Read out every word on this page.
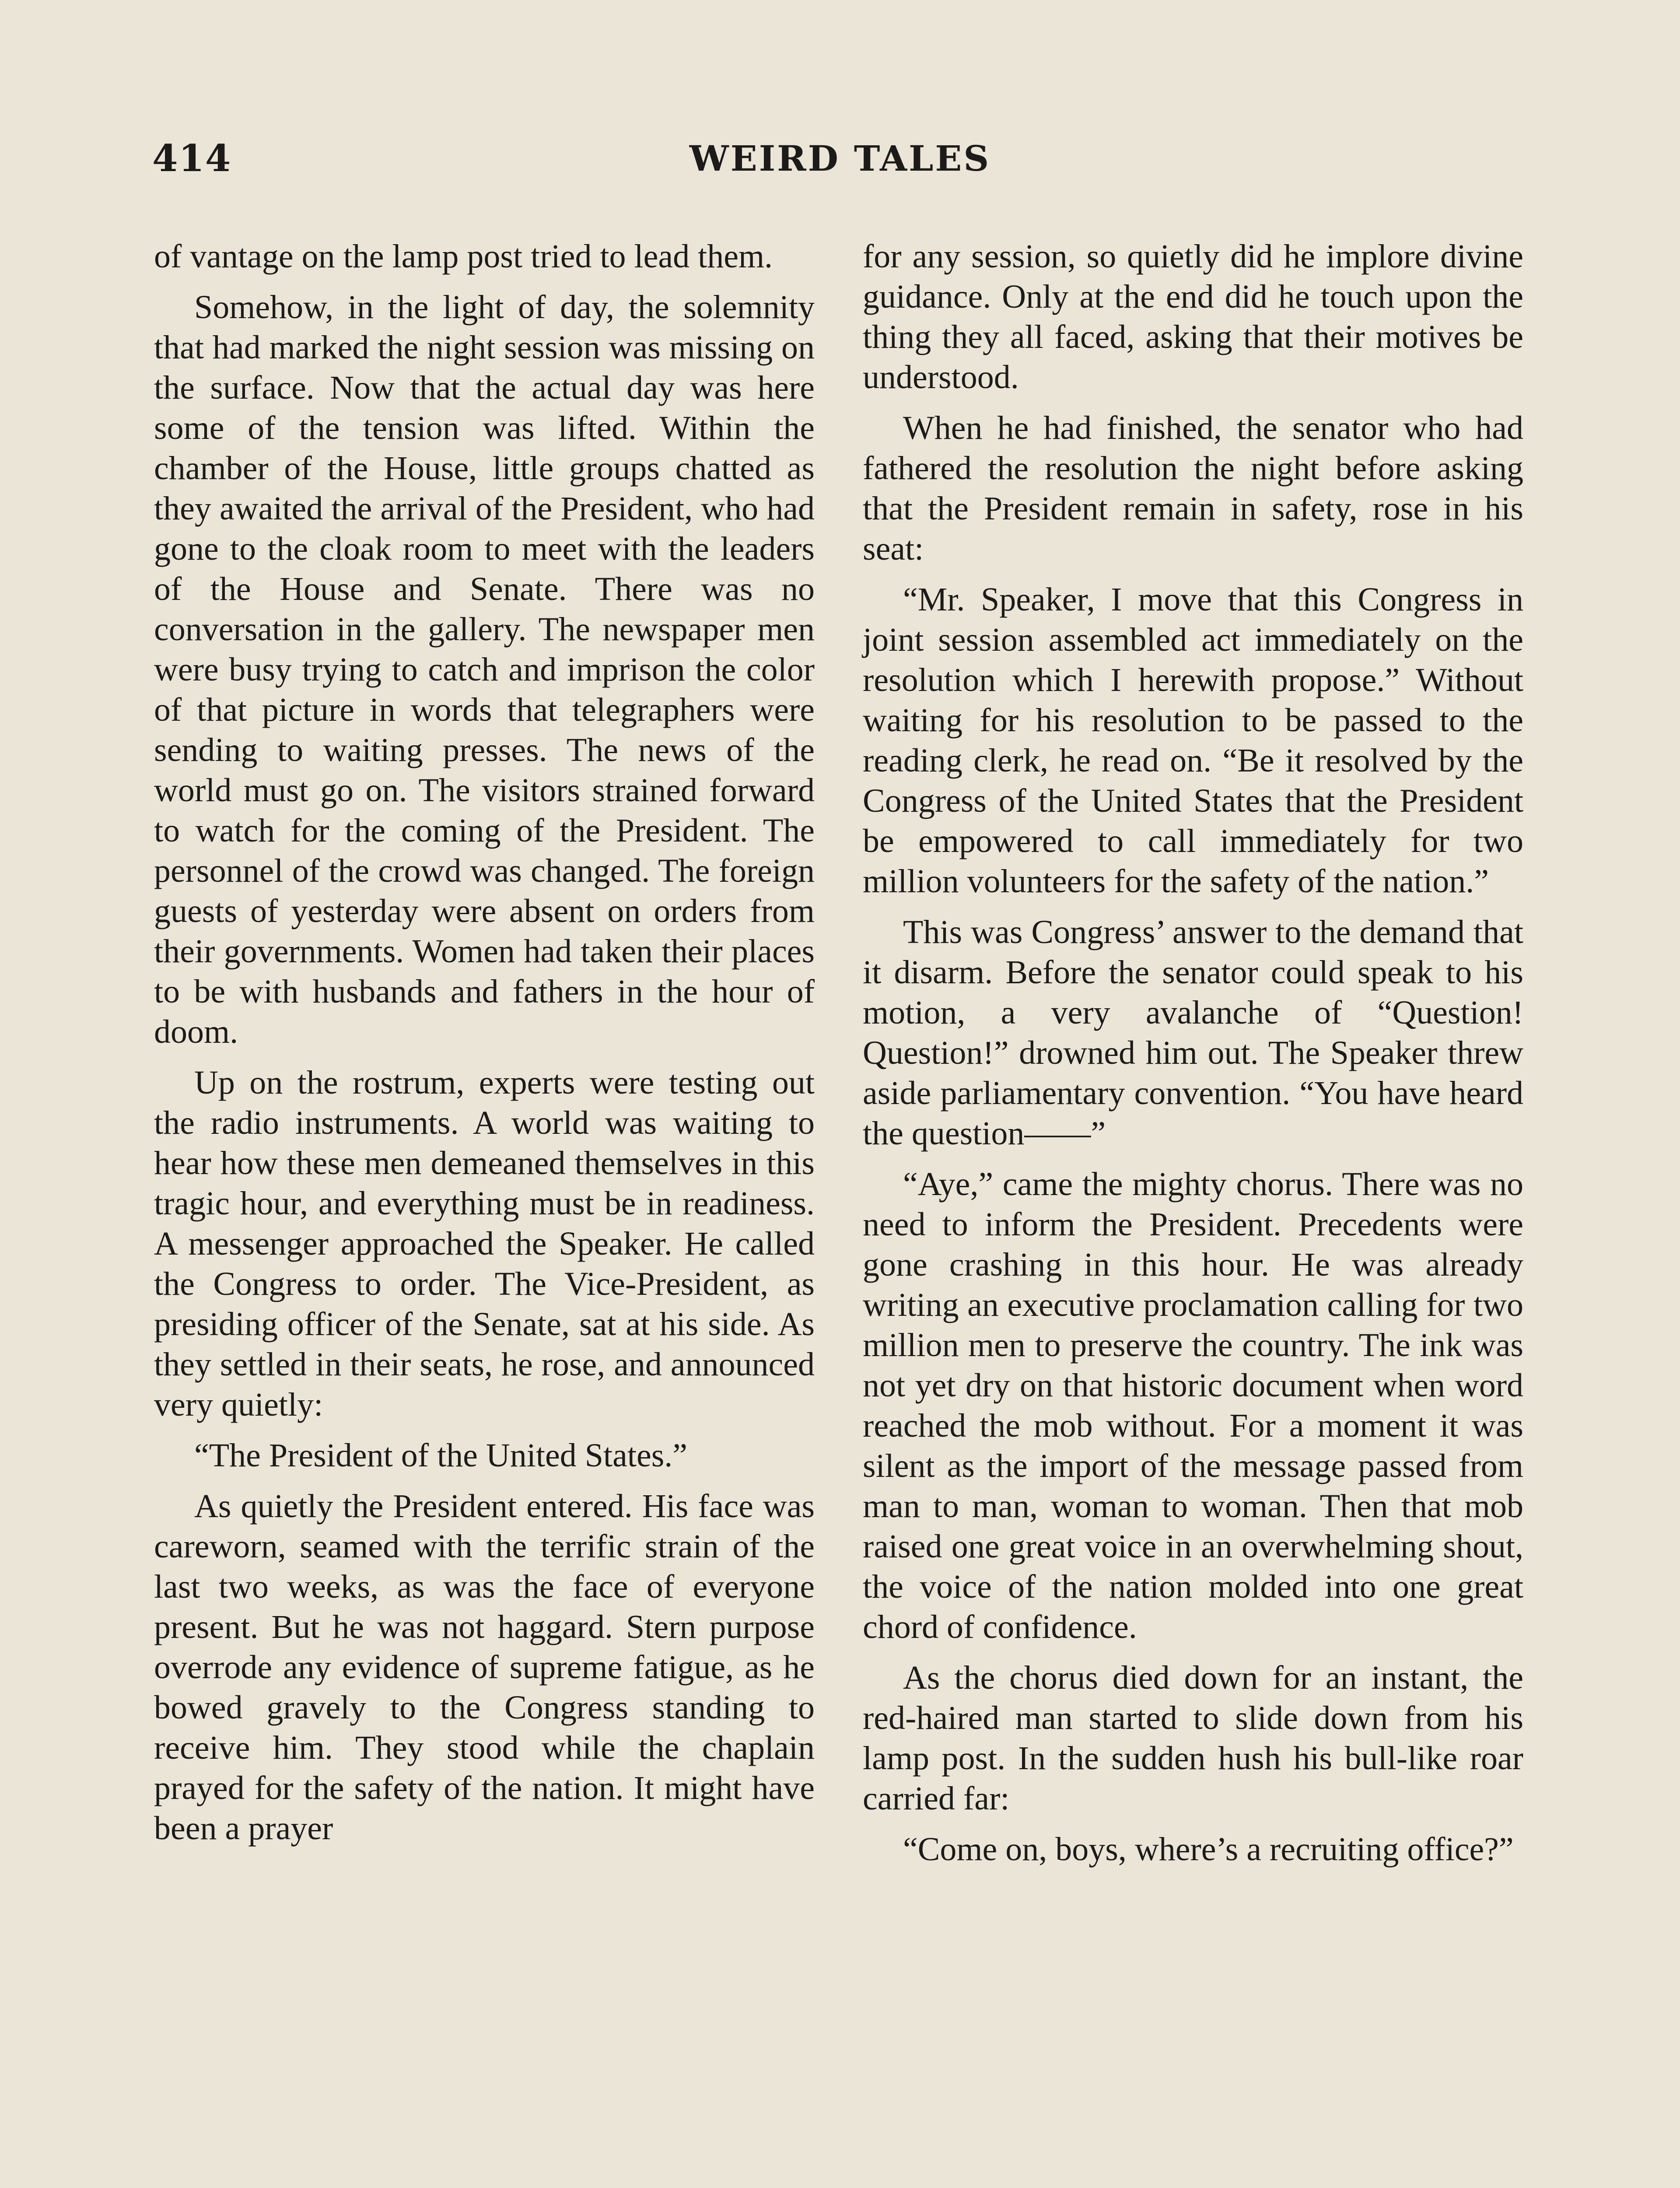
414	WEIRD TALES

of vantage on the lamp post tried to lead them.

Somehow, in the light of day, the solemnity that had marked the night session was missing on the surface. Now that the actual day was here some of the tension was lifted. Within the chamber of the House, little groups chatted as they awaited the arrival of the President, who had gone to the cloak room to meet with the leaders of the House and Senate. There was no conversation in the gallery. The newspaper men were busy trying to catch and imprison the color of that picture in words that telegraphers were sending to waiting presses. The news of the world must go on. The visitors strained forward to watch for the coming of the President. The personnel of the crowd was changed. The foreign guests of yesterday were absent on orders from their governments. Women had taken their places to be with husbands and fathers in the hour of doom.

Up on the rostrum, experts were testing out the radio instruments. A world was waiting to hear how these men demeaned themselves in this tragic hour, and everything must be in readiness. A messenger approached the Speaker. He called the Congress to order. The Vice-President, as presiding officer of the Senate, sat at his side. As they settled in their seats, he rose, and announced very quietly:

“The President of the United States.”

As quietly the President entered. His face was careworn, seamed with the terrific strain of the last two weeks, as was the face of everyone present. But he was not haggard. Stern purpose overrode any evidence of supreme fatigue, as he bowed gravely to the Congress standing to receive him. They stood while the chaplain prayed for the safety of the nation. It might have been a prayer

for any session, so quietly did he implore divine guidance. Only at the end did he touch upon the thing they all faced, asking that their motives be understood.

When he had finished, the senator who had fathered the resolution the night before asking that the President remain in safety, rose in his seat:

“Mr. Speaker, I move that this Congress in joint session assembled act immediately on the resolution which I herewith propose.” Without waiting for his resolution to be passed to the reading clerk, he read on. “Be it resolved by the Congress of the United States that the President be empowered to call immediately for two million volunteers for the safety of the nation.”

This was Congress’ answer to the demand that it disarm. Before the senator could speak to his motion, a very avalanche of “Question! Question!” drowned him out. The Speaker threw aside parliamentary convention. “You have heard the question——”

“Aye,” came the mighty chorus. There was no need to inform the President. Precedents were gone crashing in this hour. He was already writing an executive proclamation calling for two million men to preserve the country. The ink was not yet dry on that historic document when word reached the mob without. For a moment it was silent as the import of the message passed from man to man, woman to woman. Then that mob raised one great voice in an overwhelming shout, the voice of the nation molded into one great chord of confidence.

As the chorus died down for an instant, the red-haired man started to slide down from his lamp post. In the sudden hush his bull-like roar carried far:

“Come on, boys, where’s a recruiting office?”
